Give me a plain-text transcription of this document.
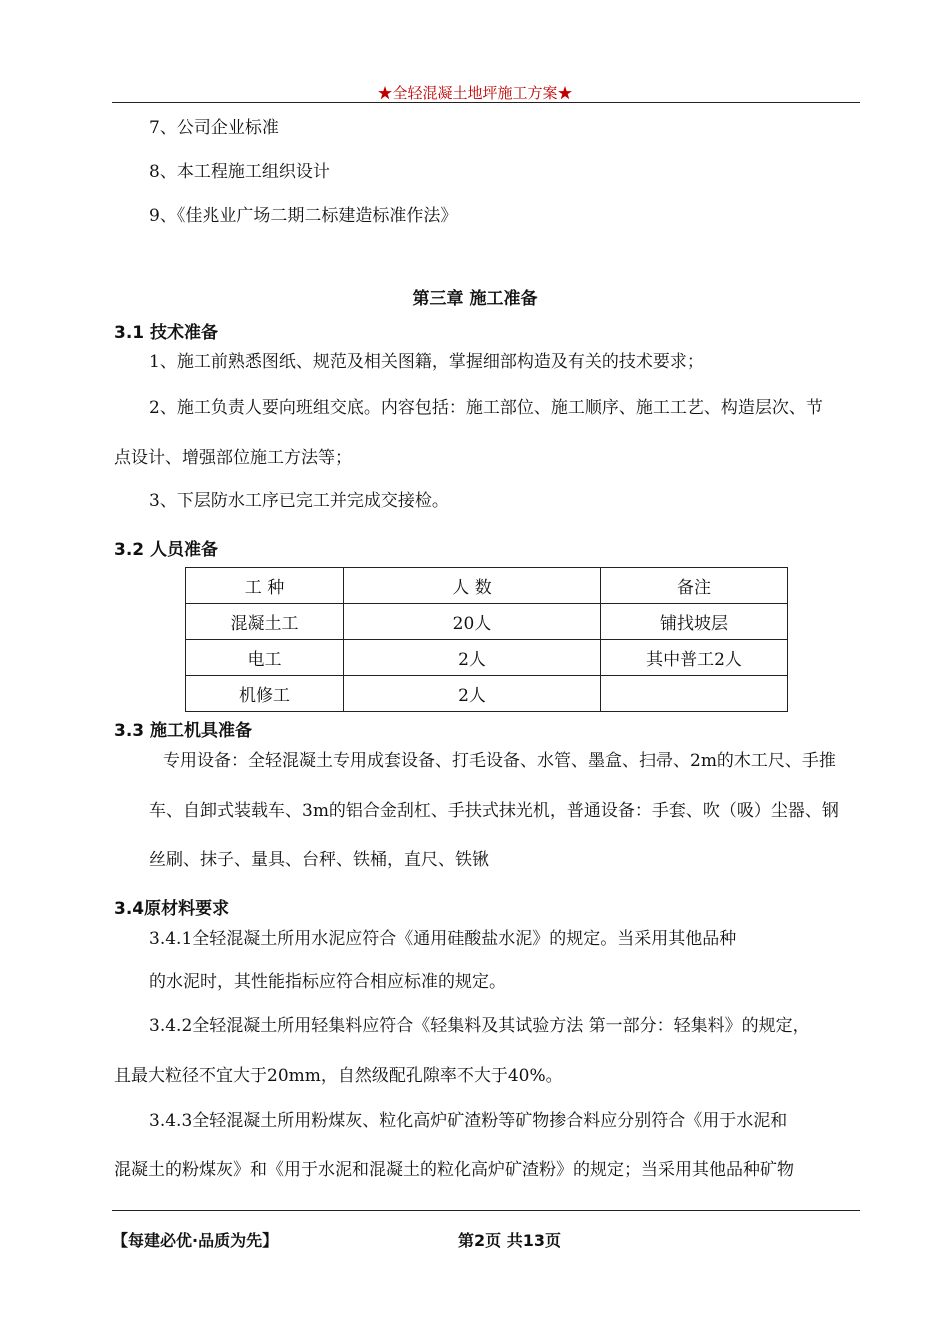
★全轻混凝土地坪施工方案★
7、公司企业标准
8、本工程施工组织设计
9、《佳兆业广场二期二标建造标准作法》
第三章 施工准备
3.1 技术准备
1、施工前熟悉图纸、规范及相关图籍，掌握细部构造及有关的技术要求；
2、施工负责人要向班组交底。内容包括：施工部位、施工顺序、施工工艺、构造层次、节
点设计、增强部位施工方法等；
3、下层防水工序已完工并完成交接检。
3.2 人员准备
工 种	人 数	备注
混凝土工	20人	铺找坡层
电工	2人	其中普工2人
机修工	2人	
3.3 施工机具准备
专用设备：全轻混凝土专用成套设备、打毛设备、水管、墨盒、扫帚、2m的木工尺、手推
车、自卸式装载车、3m的铝合金刮杠、手扶式抹光机，普通设备：手套、吹（吸）尘器、钢
丝刷、抹子、量具、台秤、铁桶，直尺、铁锹
3.4原材料要求
3.4.1全轻混凝土所用水泥应符合《通用硅酸盐水泥》的规定。当采用其他品种
的水泥时，其性能指标应符合相应标准的规定。
3.4.2全轻混凝土所用轻集料应符合《轻集料及其试验方法 第一部分：轻集料》的规定，
且最大粒径不宜大于20mm，自然级配孔隙率不大于40%。
3.4.3全轻混凝土所用粉煤灰、粒化高炉矿渣粉等矿物掺合料应分别符合《用于水泥和
混凝土的粉煤灰》和《用于水泥和混凝土的粒化高炉矿渣粉》的规定；当采用其他品种矿物
【每建必优·品质为先】	第2页 共13页
